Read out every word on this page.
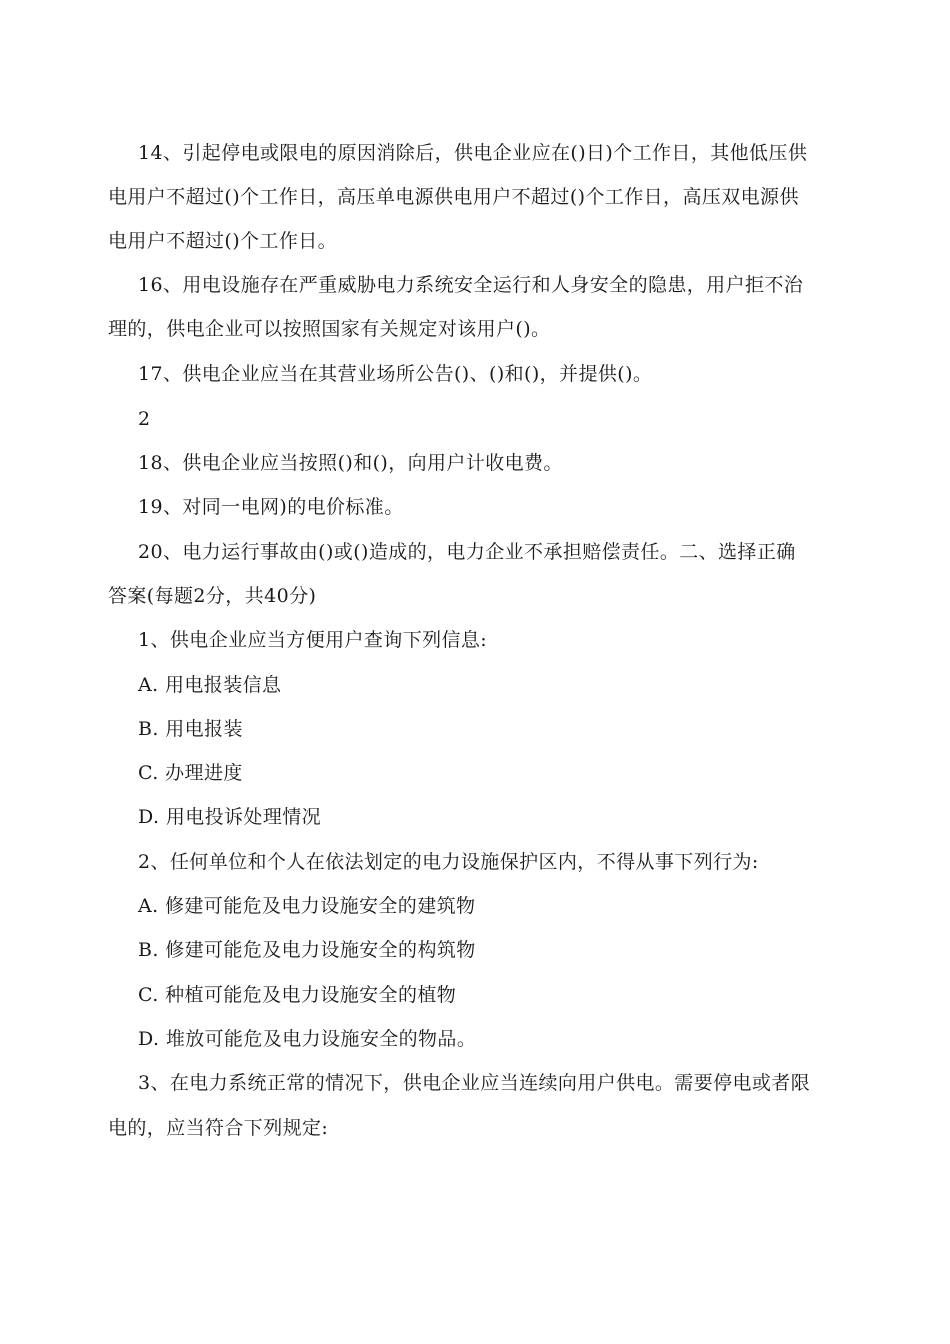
14、引起停电或限电的原因消除后，供电企业应在()日)个工作日，其他低压供
电用户不超过()个工作日，高压单电源供电用户不超过()个工作日，高压双电源供
电用户不超过()个工作日。
16、用电设施存在严重威胁电力系统安全运行和人身安全的隐患，用户拒不治
理的，供电企业可以按照国家有关规定对该用户()。
17、供电企业应当在其营业场所公告()、()和()，并提供()。
2
18、供电企业应当按照()和()，向用户计收电费。
19、对同一电网)的电价标准。
20、电力运行事故由()或()造成的，电力企业不承担赔偿责任。二、选择正确
答案(每题2分，共40分)
1、供电企业应当方便用户查询下列信息:
A. 用电报装信息
B. 用电报装
C. 办理进度
D. 用电投诉处理情况
2、任何单位和个人在依法划定的电力设施保护区内，不得从事下列行为:
A. 修建可能危及电力设施安全的建筑物
B. 修建可能危及电力设施安全的构筑物
C. 种植可能危及电力设施安全的植物
D. 堆放可能危及电力设施安全的物品。
3、在电力系统正常的情况下，供电企业应当连续向用户供电。需要停电或者限
电的，应当符合下列规定:
